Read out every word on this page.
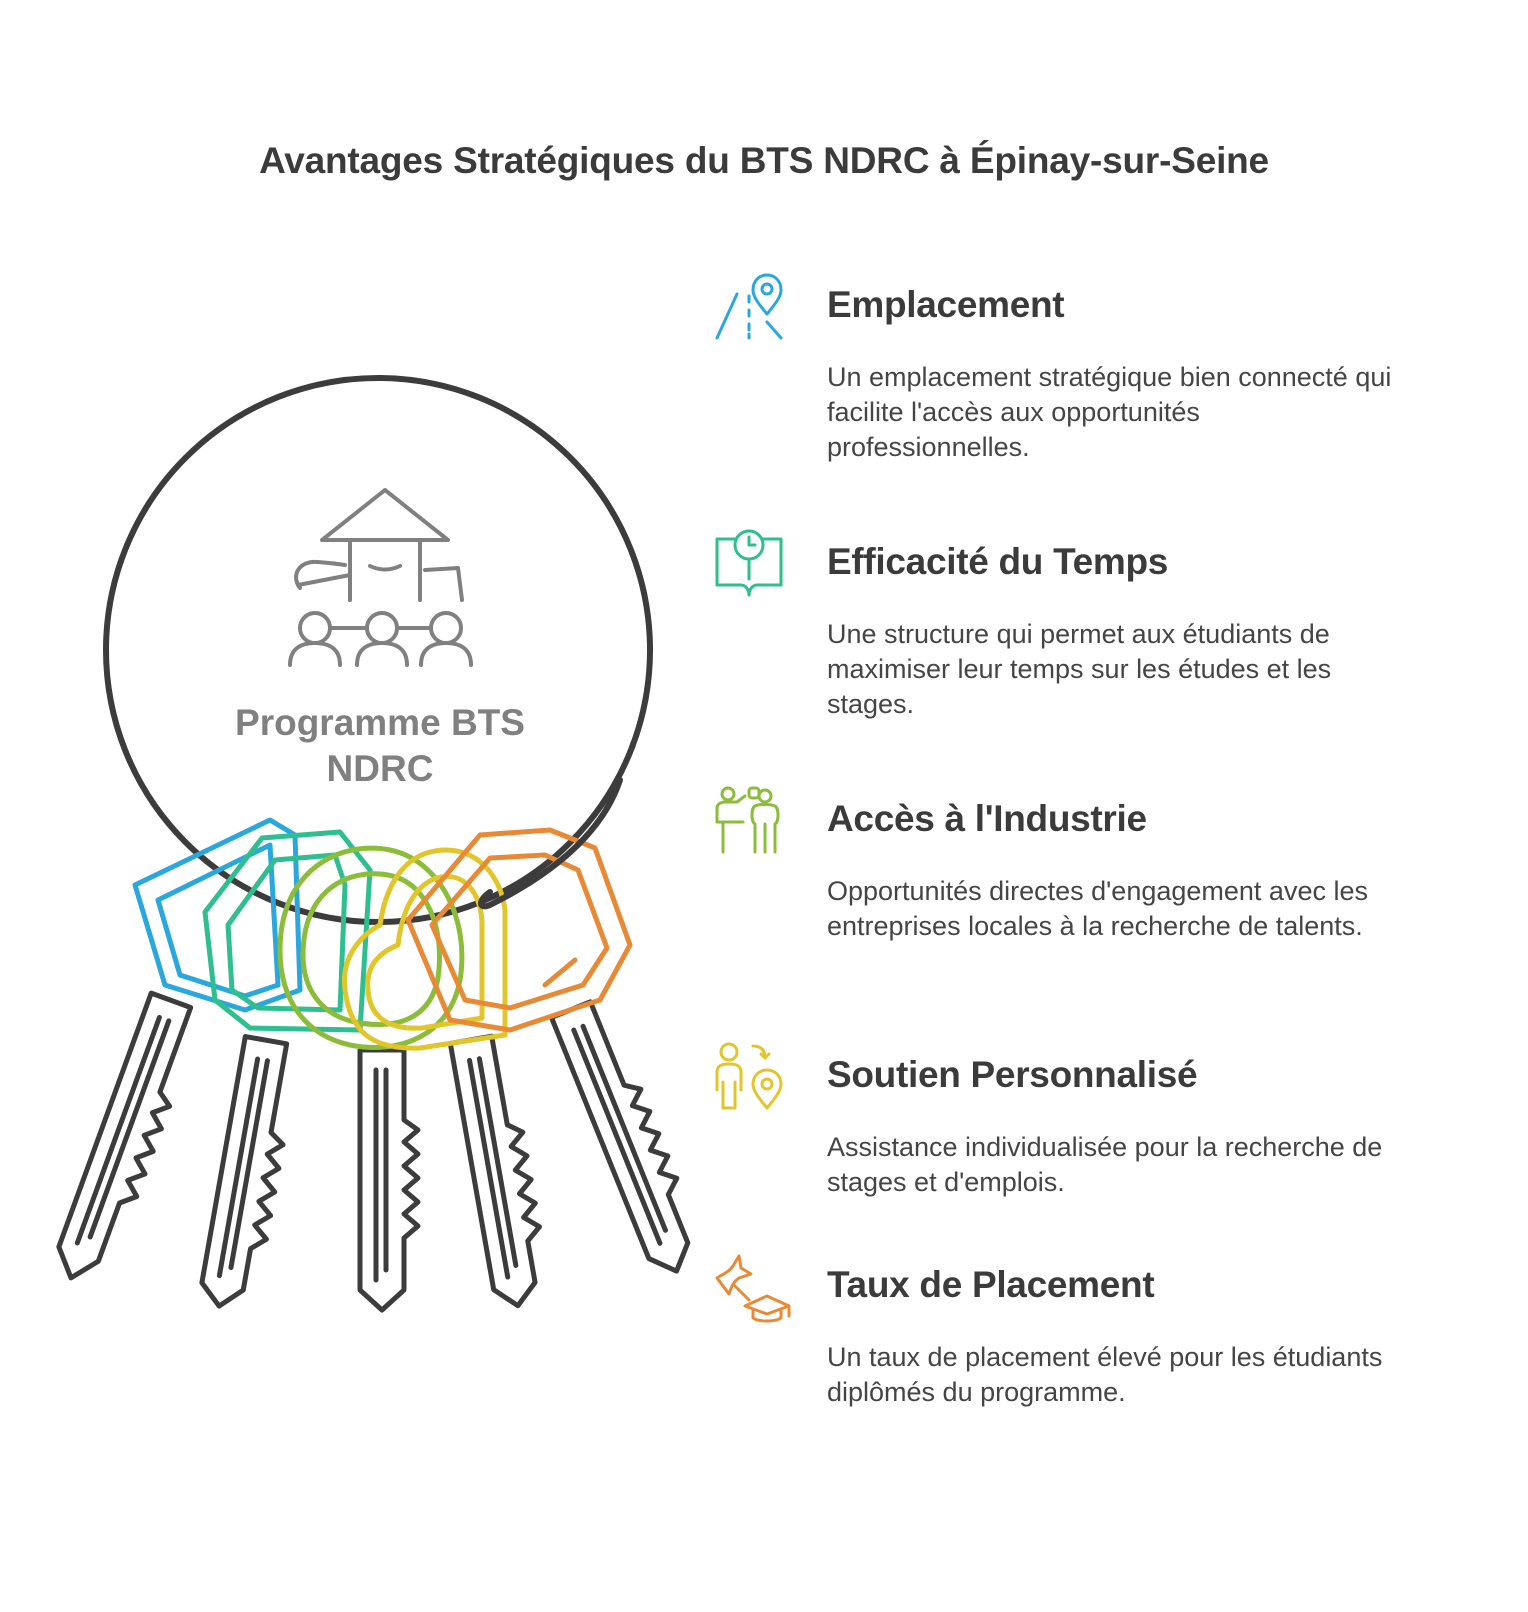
Avantages Stratégiques du BTS NDRC à Épinay-sur-Seine
Programme BTS
NDRC
Emplacement
Un emplacement stratégique bien connecté qui facilite l'accès aux opportunités professionnelles.
Efficacité du Temps
Une structure qui permet aux étudiants de maximiser leur temps sur les études et les stages.
Accès à l'Industrie
Opportunités directes d'engagement avec les entreprises locales à la recherche de talents.
Soutien Personnalisé
Assistance individualisée pour la recherche de stages et d'emplois.
Taux de Placement
Un taux de placement élevé pour les étudiants diplômés du programme.
